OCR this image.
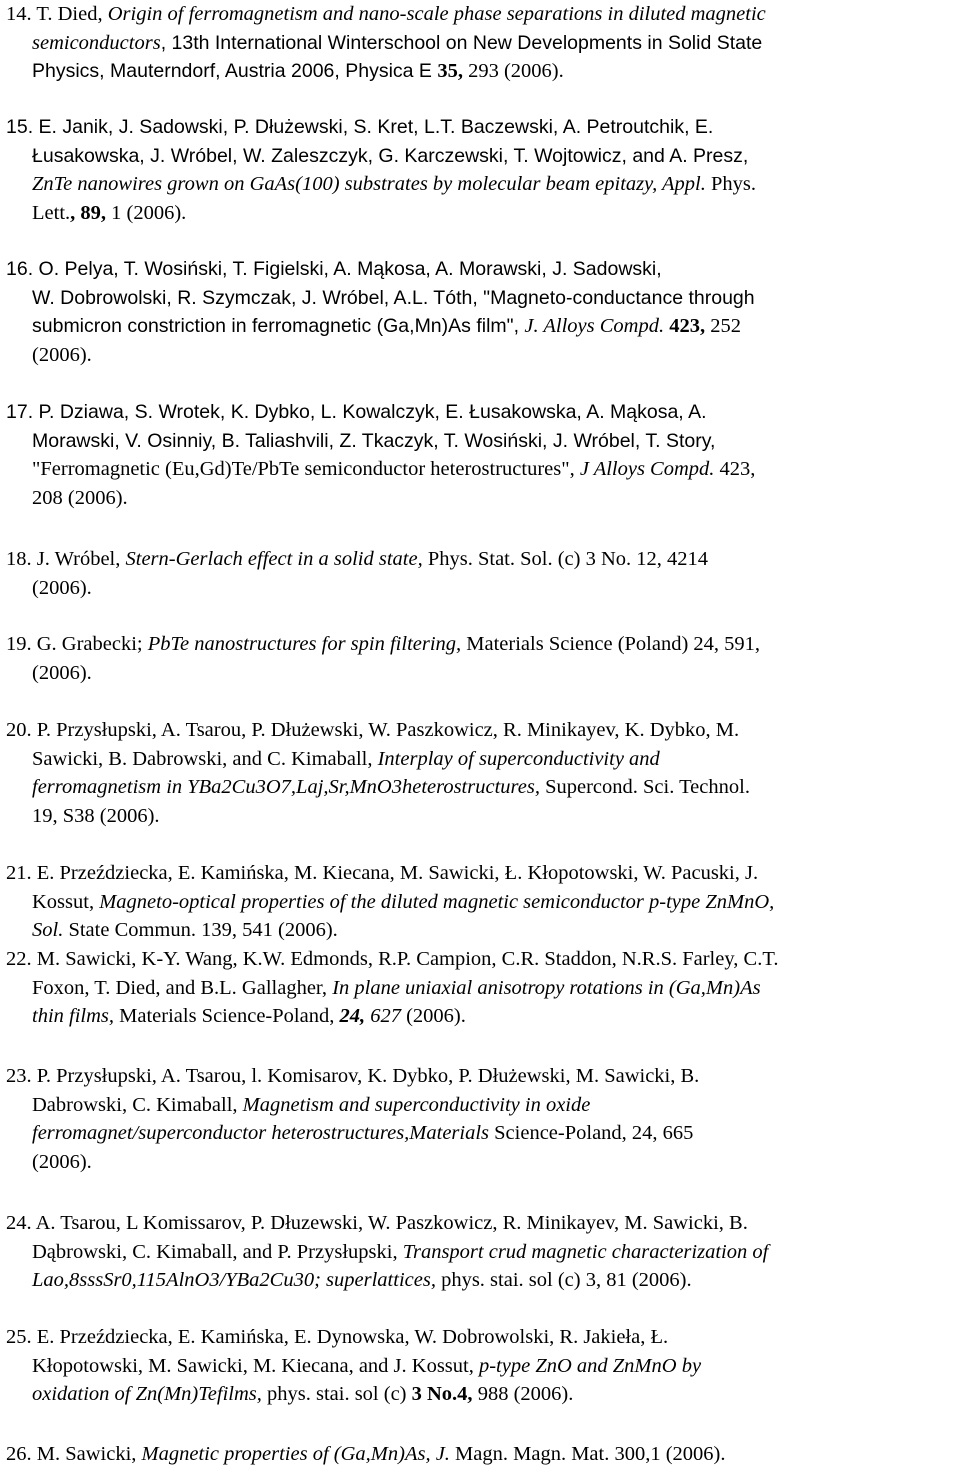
14. T. Died, Origin of ferromagnetism and nano-scale phase separations in diluted magnetic
semiconductors, 13th International Winterschool on New Developments in Solid State
Physics, Mauterndorf, Austria 2006, Physica E 35, 293 (2006).
15. E. Janik, J. Sadowski, P. Dłużewski, S. Kret, L.T. Baczewski, A. Petroutchik, E.
Łusakowska, J. Wróbel, W. Zaleszczyk, G. Karczewski, T. Wojtowicz, and A. Presz,
ZnTe nanowires grown on GaAs(100) substrates by molecular beam epitazy, Appl. Phys.
Lett., 89, 1 (2006).
16. O. Pelya, T. Wosiński, T. Figielski, A. Mąkosa, A. Morawski, J. Sadowski,
W. Dobrowolski, R. Szymczak, J. Wróbel, A.L. Tóth, "Magneto-conductance through
submicron constriction in ferromagnetic (Ga,Mn)As film", J. Alloys Compd. 423, 252
(2006).
17. P. Dziawa, S. Wrotek, K. Dybko, L. Kowalczyk, E. Łusakowska, A. Mąkosa, A.
Morawski, V. Osinniy, B. Taliashvili, Z. Tkaczyk, T. Wosiński, J. Wróbel, T. Story,
"Ferromagnetic (Eu,Gd)Te/PbTe semiconductor heterostructures", J Alloys Compd. 423,
208 (2006).
18. J. Wróbel, Stern-Gerlach effect in a solid state, Phys. Stat. Sol. (c) 3 No. 12, 4214
(2006).
19. G. Grabecki; PbTe nanostructures for spin filtering, Materials Science (Poland) 24, 591,
(2006).
20. P. Przysłupski, A. Tsarou, P. Dłużewski, W. Paszkowicz, R. Minikayev, K. Dybko, M.
Sawicki, B. Dabrowski, and C. Kimaball, Interplay of superconductivity and
ferromagnetism in YBa2Cu3O7,Laj,Sr,MnO3heterostructures, Supercond. Sci. Technol.
19, S38 (2006).
21. E. Przeździecka, E. Kamińska, M. Kiecana, M. Sawicki, Ł. Kłopotowski, W. Pacuski, J.
Kossut, Magneto-optical properties of the diluted magnetic semiconductor p-type ZnMnO,
Sol. State Commun. 139, 541 (2006).
22. M. Sawicki, K-Y. Wang, K.W. Edmonds, R.P. Campion, C.R. Staddon, N.R.S. Farley, C.T.
Foxon, T. Died, and B.L. Gallagher, In plane uniaxial anisotropy rotations in (Ga,Mn)As
thin films, Materials Science-Poland, 24, 627 (2006).
23. P. Przysłupski, A. Tsarou, l. Komisarov, K. Dybko, P. Dłużewski, M. Sawicki, B.
Dabrowski, C. Kimaball, Magnetism and superconductivity in oxide
ferromagnet/superconductor heterostructures,Materials Science-Poland, 24, 665
(2006).
24. A. Tsarou, L Komissarov, P. Dłuzewski, W. Paszkowicz, R. Minikayev, M. Sawicki, B.
Dąbrowski, C. Kimaball, and P. Przysłupski, Transport crud magnetic characterization of
Lao,8sssSr0,115AlnO3/YBa2Cu30; superlattices, phys. stai. sol (c) 3, 81 (2006).
25. E. Przeździecka, E. Kamińska, E. Dynowska, W. Dobrowolski, R. Jakieła, Ł.
Kłopotowski, M. Sawicki, M. Kiecana, and J. Kossut, p-type ZnO and ZnMnO by
oxidation of Zn(Mn)Tefilms, phys. stai. sol (c) 3 No.4, 988 (2006).
26. M. Sawicki, Magnetic properties of (Ga,Mn)As, J. Magn. Magn. Mat. 300,1 (2006).
